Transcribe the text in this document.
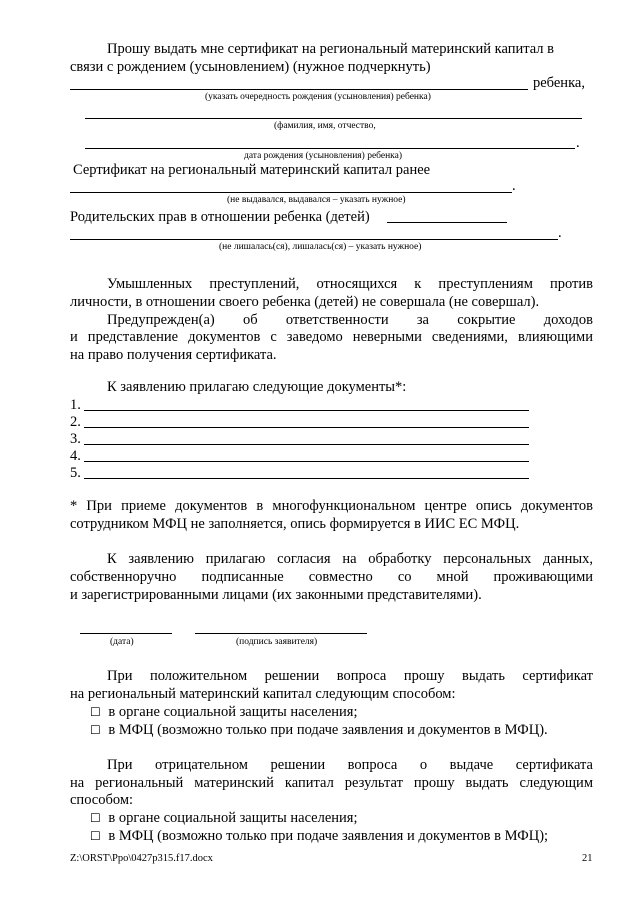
Прошу выдать мне сертификат на региональный материнский капитал в
связи с рождением (усыновлением) (нужное подчеркнуть)
ребенка,
(указать очередность рождения (усыновления) ребенка)
(фамилия, имя, отчество,
.
дата рождения (усыновления) ребенка)
Сертификат на региональный материнский капитал ранее
.
(не выдавался, выдавался – указать нужное)
Родительских прав в отношении ребенка (детей)
.
(не лишалась(ся), лишалась(ся) – указать нужное)
Умышленных преступлений, относящихся к преступлениям против
личности, в отношении своего ребенка (детей) не совершала (не совершал).
Предупрежден(а) об ответственности за сокрытие доходов
и представление документов с заведомо неверными сведениями, влияющими
на право получения сертификата.
К заявлению прилагаю следующие документы*:
1.
2.
3.
4.
5.
* При приеме документов в многофункциональном центре опись документов
сотрудником МФЦ не заполняется, опись формируется в ИИС ЕС МФЦ.
К заявлению прилагаю согласия на обработку персональных данных,
собственноручно подписанные совместно со мной проживающими
и зарегистрированными лицами (их законными представителями).
(дата)	(подпись заявителя)
При положительном решении вопроса прошу выдать сертификат
на региональный материнский капитал следующим способом:
☐ в органе социальной защиты населения;
☐ в МФЦ (возможно только при подаче заявления и документов в МФЦ).
При отрицательном решении вопроса о выдаче сертификата
на региональный материнский капитал результат прошу выдать следующим
способом:
☐ в органе социальной защиты населения;
☐ в МФЦ (возможно только при подаче заявления и документов в МФЦ);
Z:\ORST\Ppo\0427p315.f17.docx	21
